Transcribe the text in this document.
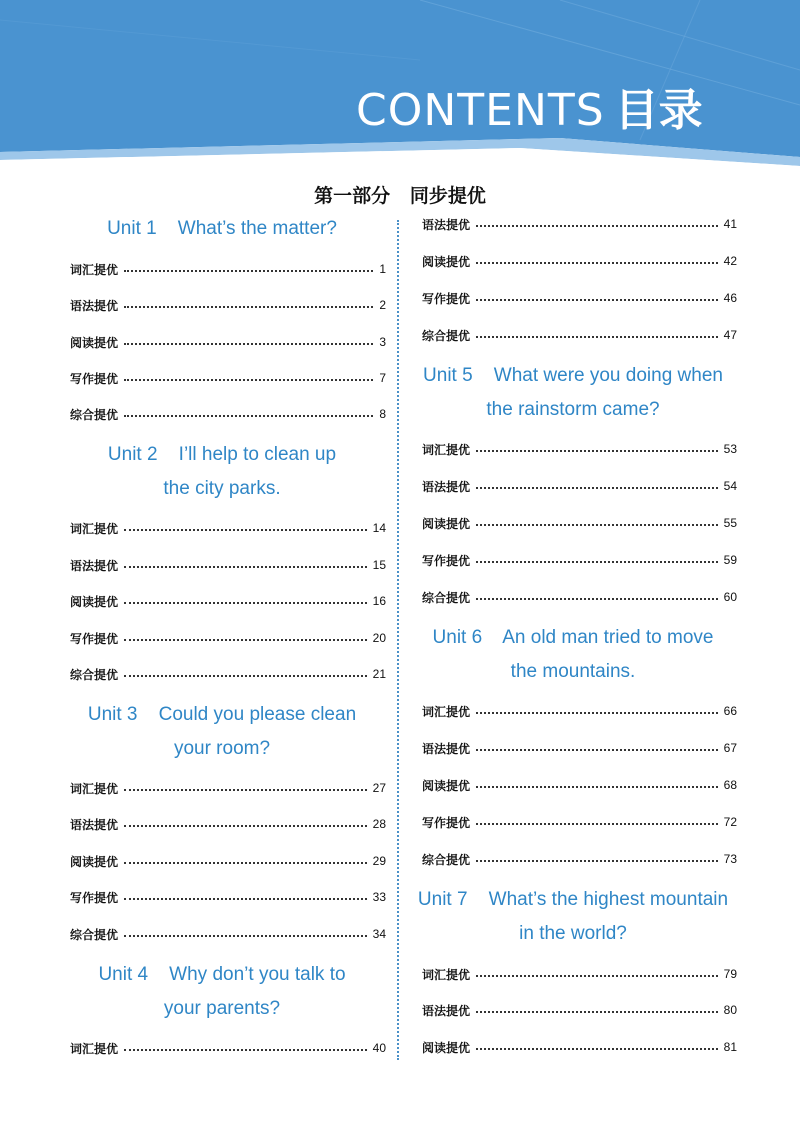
CONTENTS 目录
第一部分   同步提优
Unit 1    What’s the matter?
词汇提优	1
语法提优	2
阅读提优	3
写作提优	7
综合提优	8
Unit 2    I’ll help to clean up
the city parks.
词汇提优	14
语法提优	15
阅读提优	16
写作提优	20
综合提优	21
Unit 3    Could you please clean
your room?
词汇提优	27
语法提优	28
阅读提优	29
写作提优	33
综合提优	34
Unit 4    Why don’t you talk to
your parents?
词汇提优	40
语法提优	41
阅读提优	42
写作提优	46
综合提优	47
Unit 5    What were you doing when
the rainstorm came?
词汇提优	53
语法提优	54
阅读提优	55
写作提优	59
综合提优	60
Unit 6    An old man tried to move
the mountains.
词汇提优	66
语法提优	67
阅读提优	68
写作提优	72
综合提优	73
Unit 7    What’s the highest mountain
in the world?
词汇提优	79
语法提优	80
阅读提优	81
